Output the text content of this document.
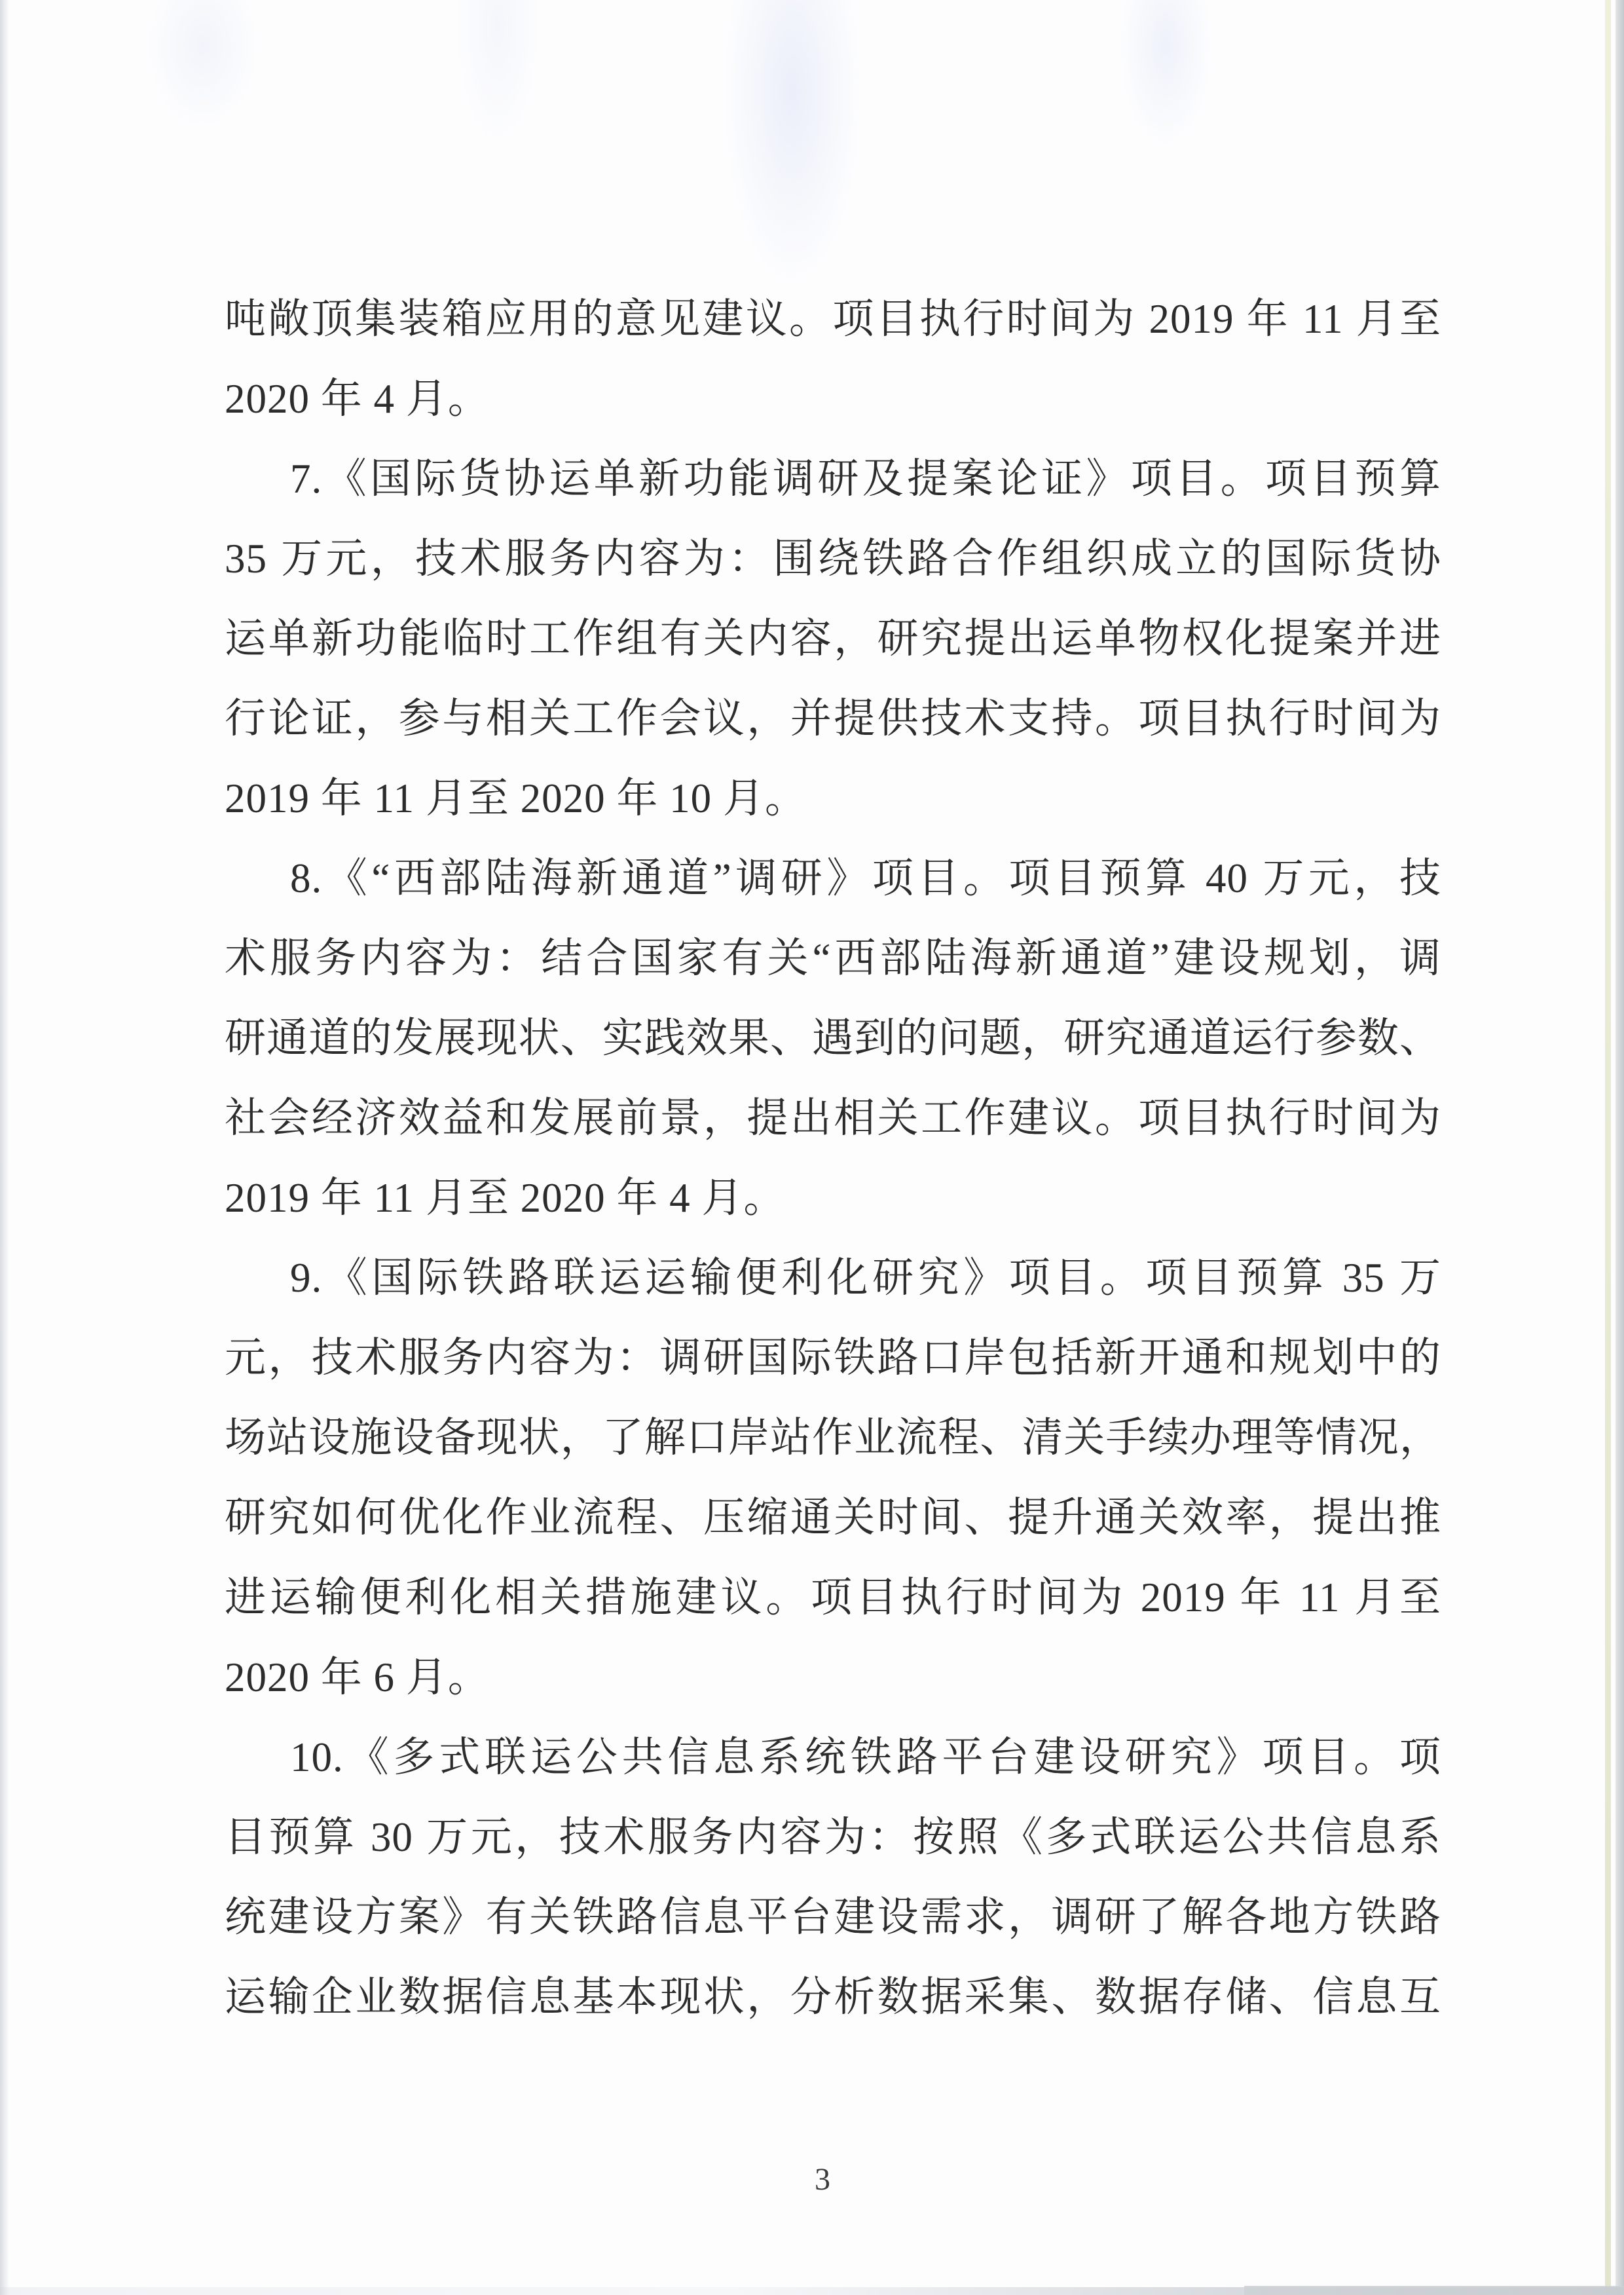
吨敞顶集装箱应用的意见建议。项目执行时间为 2019 年 11 月至
2020 年 4 月。
7.《国际货协运单新功能调研及提案论证》项目。项目预算
35 万元，技术服务内容为：围绕铁路合作组织成立的国际货协
运单新功能临时工作组有关内容，研究提出运单物权化提案并进
行论证，参与相关工作会议，并提供技术支持。项目执行时间为
2019 年 11 月至 2020 年 10 月。
8.《“西部陆海新通道”调研》项目。项目预算 40 万元，技
术服务内容为：结合国家有关“西部陆海新通道”建设规划，调
研通道的发展现状、实践效果、遇到的问题，研究通道运行参数、
社会经济效益和发展前景，提出相关工作建议。项目执行时间为
2019 年 11 月至 2020 年 4 月。
9.《国际铁路联运运输便利化研究》项目。项目预算 35 万
元，技术服务内容为：调研国际铁路口岸包括新开通和规划中的
场站设施设备现状，了解口岸站作业流程、清关手续办理等情况，
研究如何优化作业流程、压缩通关时间、提升通关效率，提出推
进运输便利化相关措施建议。项目执行时间为 2019 年 11 月至
2020 年 6 月。
10.《多式联运公共信息系统铁路平台建设研究》项目。项
目预算 30 万元，技术服务内容为：按照《多式联运公共信息系
统建设方案》有关铁路信息平台建设需求，调研了解各地方铁路
运输企业数据信息基本现状，分析数据采集、数据存储、信息互
3
